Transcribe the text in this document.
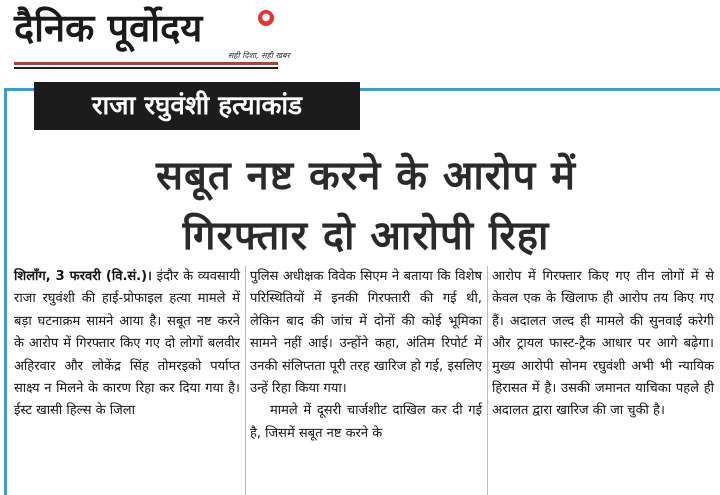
दैनिक पूर्वोदय	●
सही दिशा, सही खबर
राजा रघुवंशी हत्याकांड
सबूत नष्ट करने के आरोप में
गिरफ्तार दो आरोपी रिहा

शिलॉंग, 3 फरवरी (वि.सं.)। इंदौर के व्यवसायी राजा रघुवंशी की हाई-प्रोफाइल हत्या मामले में बड़ा घटनाक्रम सामने आया है। सबूत नष्ट करने के आरोप में गिरफ्तार किए गए दो लोगों बलवीर अहिरवार और लोकेंद्र सिंह तोमरइको पर्याप्त साक्ष्य न मिलने के कारण रिहा कर दिया गया है। ईस्ट खासी हिल्स के जिला

पुलिस अधीक्षक विवेक सिएम ने बताया कि विशेष परिस्थितियों में इनकी गिरफ्तारी की गई थी, लेकिन बाद की जांच में दोनों की कोई भूमिका सामने नहीं आई। उन्होंने कहा, अंतिम रिपोर्ट में उनकी संलिप्तता पूरी तरह खारिज हो गई, इसलिए उन्हें रिहा किया गया।

मामले में दूसरी चार्जशीट दाखिल कर दी गई है, जिसमें सबूत नष्ट करने के

आरोप में गिरफ्तार किए गए तीन लोगों में से केवल एक के खिलाफ ही आरोप तय किए गए हैं। अदालत जल्द ही मामले की सुनवाई करेगी और ट्रायल फास्ट-ट्रैक आधार पर आगे बढ़ेगा। मुख्य आरोपी सोनम रघुवंशी अभी भी न्यायिक हिरासत में है। उसकी जमानत याचिका पहले ही अदालत द्वारा खारिज की जा चुकी है।
